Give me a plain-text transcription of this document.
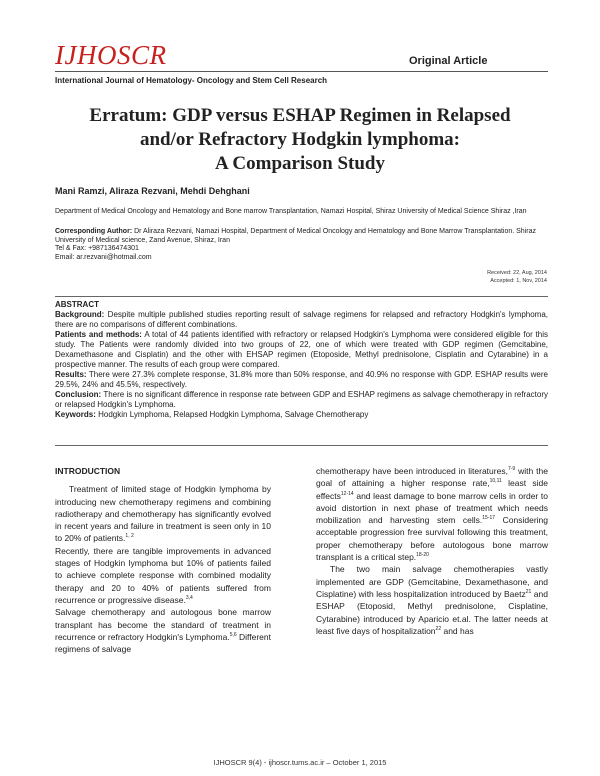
IJHOSCR	Original Article
International Journal of Hematology- Oncology and Stem Cell Research
Erratum: GDP versus ESHAP Regimen in Relapsed
and/or Refractory Hodgkin lymphoma:
A Comparison Study
Mani Ramzi, Aliraza Rezvani, Mehdi Dehghani
Department of Medical Oncology and Hematology and Bone marrow Transplantation, Namazi Hospital, Shiraz University of Medical Science Shiraz ,Iran
Corresponding Author: Dr Aliraza Rezvani, Namazi Hospital, Department of Medical Oncology and Hematology and Bone Marrow Transplantation. Shiraz University of Medical science, Zand Avenue, Shiraz, Iran
Tel & Fax: +987136474301
Email: ar.rezvani@hotmail.com
Received: 22, Aug, 2014
Accepted: 1, Nov, 2014

ABSTRACT

Background: Despite multiple published studies reporting result of salvage regimens for relapsed and refractory Hodgkin's lymphoma, there are no comparisons of different combinations.

Patients and methods: A total of 44 patients identified with refractory or relapsed Hodgkin's Lymphoma were considered eligible for this study. The Patients were randomly divided into two groups of 22, one of which were treated with GDP regimen (Gemcitabine, Dexamethasone and Cisplatin) and the other with EHSAP regimen (Etoposide, Methyl prednisolone, Cisplatin and Cytarabine) in a prospective manner. The results of each group were compared.

Results: There were 27.3% complete response, 31.8% more than 50% response, and 40.9% no response with GDP. ESHAP results were 29.5%, 24% and 45.5%, respectively.

Conclusion: There is no significant difference in response rate between GDP and ESHAP regimens as salvage chemotherapy in refractory or relapsed Hodgkin's Lymphoma.

Keywords: Hodgkin Lymphoma, Relapsed Hodgkin Lymphoma, Salvage Chemotherapy

INTRODUCTION

Treatment of limited stage of Hodgkin lymphoma by introducing new chemotherapy regimens and combining radiotherapy and chemotherapy has significantly evolved in recent years and failure in treatment is seen only in 10 to 20% of patients.$^{1, 2}$

Recently, there are tangible improvements in advanced stages of Hodgkin lymphoma but 10% of patients failed to achieve complete response with combined modality therapy and 20 to 40% of patients suffered from recurrence or progressive disease.$^{3,4}$

Salvage chemotherapy and autologous bone marrow transplant has become the standard of treatment in recurrence or refractory Hodgkin's Lymphoma.$^{5,6}$ Different regimens of salvage

chemotherapy have been introduced in literatures,$^{7-9}$ with the goal of attaining a higher response rate,$^{10,11}$ least side effects$^{12-14}$ and least damage to bone marrow cells in order to avoid distortion in next phase of treatment which needs mobilization and harvesting stem cells.$^{15-17}$ Considering acceptable progression free survival following this treatment, proper chemotherapy before autologous bone marrow transplant is a critical step.$^{18-20}$

The two main salvage chemotherapies vastly implemented are GDP (Gemcitabine, Dexamethasone, and Cisplatine) with less hospitalization introduced by Baetz$^{21}$ and ESHAP (Etoposid, Methyl prednisolone, Cisplatine, Cytarabine) introduced by Aparicio et.al. The latter needs at least five days of hospitalization$^{22}$ and has

IJHOSCR 9(4) - ijhoscr.tums.ac.ir – October 1, 2015
